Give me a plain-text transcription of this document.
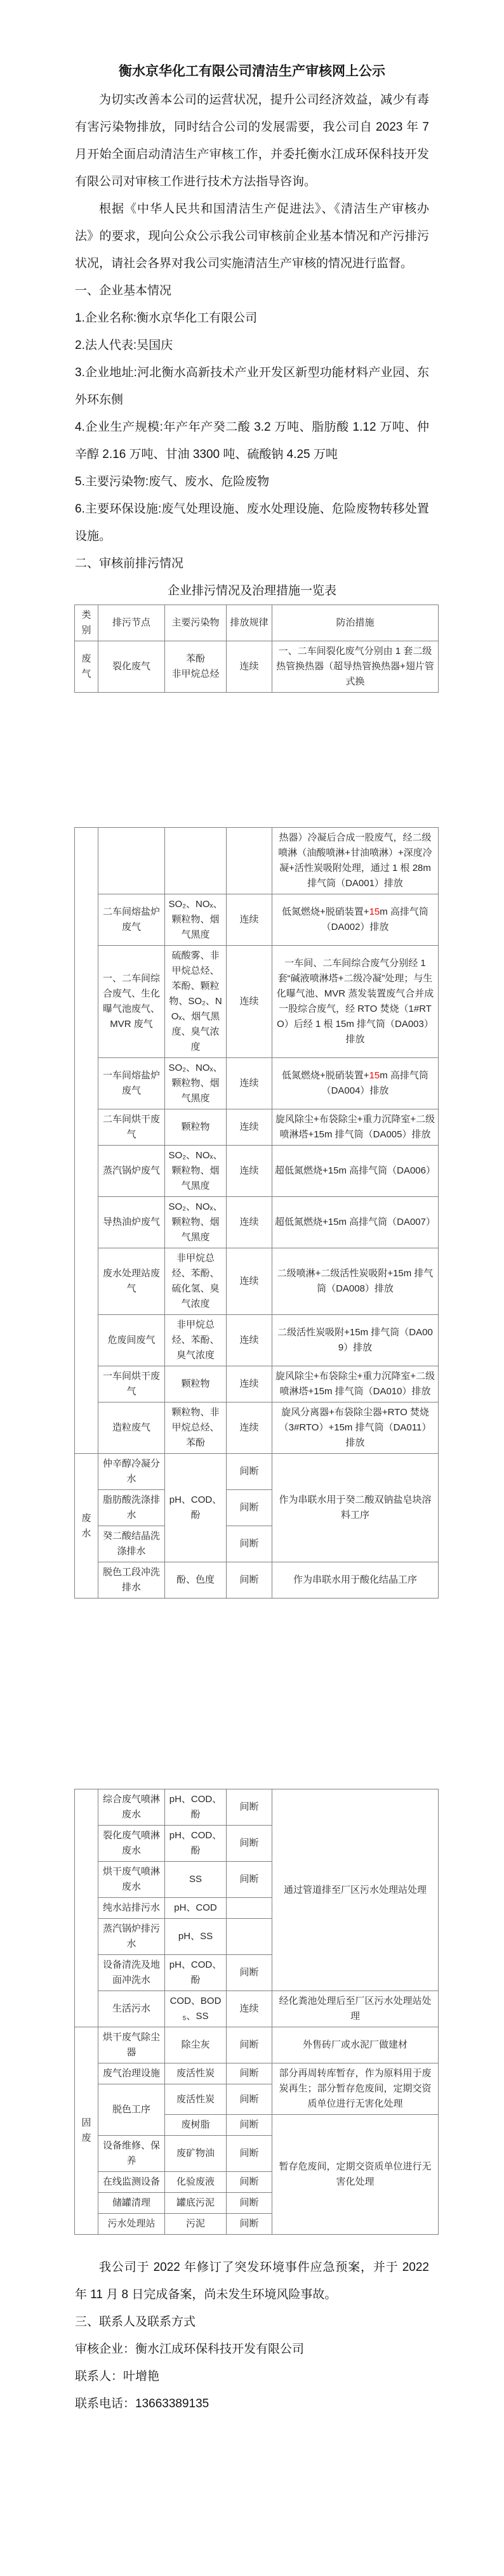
衡水京华化工有限公司清洁生产审核网上公示

为切实改善本公司的运营状况，提升公司经济效益，减少有毒有害污染物排放，同时结合公司的发展需要，我公司自 2023 年 7 月开始全面启动清洁生产审核工作，并委托衡水江成环保科技开发有限公司对审核工作进行技术方法指导咨询。

根据《中华人民共和国清洁生产促进法》、《清洁生产审核办法》的要求，现向公众公示我公司审核前企业基本情况和产污排污状况，请社会各界对我公司实施清洁生产审核的情况进行监督。

一、企业基本情况

1.企业名称:衡水京华化工有限公司

2.法人代表:吴国庆

3.企业地址:河北衡水高新技术产业开发区新型功能材料产业园、东外环东侧

4.企业生产规模:年产年产癸二酸 3.2 万吨、脂肪酸 1.12 万吨、仲辛醇 2.16 万吨、甘油 3300 吨、硫酸钠 4.25 万吨

5.主要污染物:废气、废水、危险废物

6.主要环保设施:废气处理设施、废水处理设施、危险废物转移处置设施。

二、审核前排污情况

企业排污情况及治理措施一览表

类
别	排污节点	主要污染物	排放规律	防治措施
废
气	裂化废气	苯酚
非甲烷总烃	连续	一、二车间裂化废气分别由 1 套二级热管换热器（超导热管换热器+翅片管式换
				热器）冷凝后合成一股废气，经二级喷淋（油酸喷淋+甘油喷淋）+深度冷凝+活性炭吸附处理，通过 1 根 28m 排气筒（DA001）排放
	二车间熔盐炉废气	SO₂、NOₓ、颗粒物、烟气黑度	连续	低氮燃烧+脱硝装置+15m 高排气筒（DA002）排放
	一、二车间综合废气、生化曝气池废气、MVR 废气	硫酸雾、非甲烷总烃、苯酚、颗粒物、SO₂、NOₓ、烟气黑度、臭气浓度	连续	一车间、二车间综合废气分别经 1 套“碱液喷淋塔+二级冷凝”处理；与生化曝气池、MVR 蒸发装置废气合并成一股综合废气，经 RTO 焚烧（1#RTO）后经 1 根 15m 排气筒（DA003）排放
	一车间熔盐炉废气	SO₂、NOₓ、颗粒物、烟气黑度	连续	低氮燃烧+脱硝装置+15m 高排气筒（DA004）排放
	二车间烘干废气	颗粒物	连续	旋风除尘+布袋除尘+重力沉降室+二级喷淋塔+15m 排气筒（DA005）排放
	蒸汽锅炉废气	SO₂、NOₓ、颗粒物、烟气黑度	连续	超低氮燃烧+15m 高排气筒（DA006）
	导热油炉废气	SO₂、NOₓ、颗粒物、烟气黑度	连续	超低氮燃烧+15m 高排气筒（DA007）
	废水处理站废气	非甲烷总烃、苯酚、硫化氢、臭气浓度	连续	二级喷淋+二级活性炭吸附+15m 排气筒（DA008）排放
	危废间废气	非甲烷总烃、苯酚、臭气浓度	连续	二级活性炭吸附+15m 排气筒（DA009）排放
	一车间烘干废气	颗粒物	连续	旋风除尘+布袋除尘+重力沉降室+二级喷淋塔+15m 排气筒（DA010）排放
	造粒废气	颗粒物、非甲烷总烃、苯酚	连续	旋风分离器+布袋除尘器+RTO 焚烧（3#RTO）+15m 排气筒（DA011）排放
废
水	仲辛醇冷凝分水	pH、COD、酚	间断	作为串联水用于癸二酸双钠盐皂块溶料工序
	脂肪酸洗涤排水		间断	
	癸二酸结晶洗涤排水		间断	
	脱色工段冲洗排水	酚、色度	间断	作为串联水用于酸化结晶工序
	综合废气喷淋废水	pH、COD、酚	间断	通过管道排至厂区污水处理站处理
	裂化废气喷淋废水	pH、COD、酚	间断	
	烘干废气喷淋废水	SS	间断	
	纯水站排污水	pH、COD		
	蒸汽锅炉排污水	pH、SS		
	设备清洗及地面冲洗水	pH、COD、酚	间断	
	生活污水	COD、BOD₅、SS	连续	经化粪池处理后至厂区污水处理站处理
固
废	烘干废气除尘器	除尘灰	间断	外售砖厂或水泥厂做建材
	废气治理设施	废活性炭	间断	部分再周转库暂存，作为原料用于废炭再生；部分暂存危废间，定期交资质单位进行无害化处理
	脱色工序	废活性炭	间断	
		废树脂	间断	暂存危废间，定期交资质单位进行无害化处理
	设备维修、保养	废矿物油	间断	
	在线监测设备	化验废液	间断	
	储罐清理	罐底污泥	间断	
	污水处理站	污泥	间断	

我公司于 2022 年修订了突发环境事件应急预案，并于 2022 年 11 月 8 日完成备案，尚未发生环境风险事故。

三、联系人及联系方式

审核企业：衡水江成环保科技开发有限公司

联系人：叶增艳

联系电话：13663389135
